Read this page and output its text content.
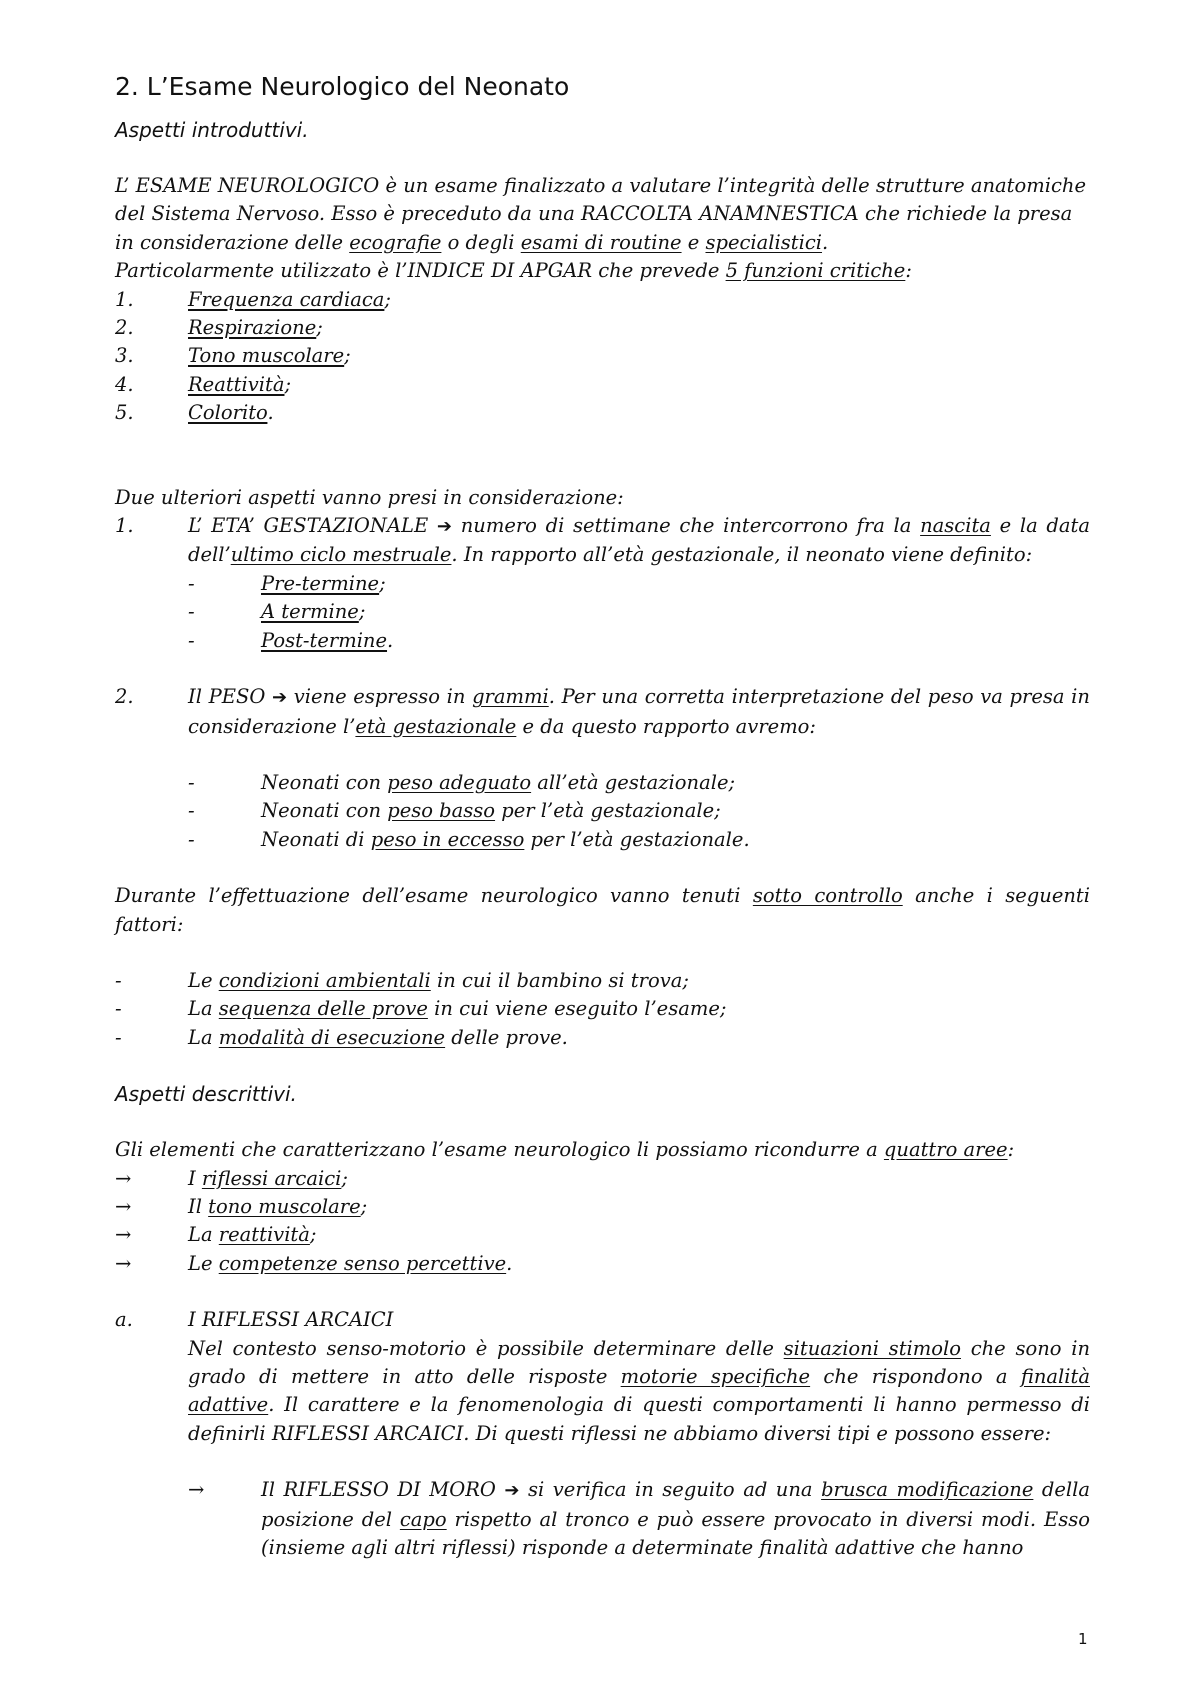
2. L’Esame Neurologico del Neonato

Aspetti introduttivi.

L’ ESAME NEUROLOGICO è un esame finalizzato a valutare l’integrità delle strutture anatomiche del Sistema Nervoso. Esso è preceduto da una RACCOLTA ANAMNESTICA che richiede la presa in considerazione delle ecografie o degli esami di routine e specialistici.

Particolarmente utilizzato è l’INDICE DI APGAR che prevede 5 funzioni critiche:

1.	Frequenza cardiaca;
2.	Respirazione;
3.	Tono muscolare;
4.	Reattività;
5.	Colorito.

Due ulteriori aspetti vanno presi in considerazione:

1.	L’ ETA’ GESTAZIONALE ➔ numero di settimane che intercorrono fra la nascita e la data dell’ultimo ciclo mestruale. In rapporto all’età gestazionale, il neonato viene definito:
-	Pre-termine;
-	A termine;
-	Post-termine.
2.	Il PESO ➔ viene espresso in grammi. Per una corretta interpretazione del peso va presa in considerazione l’età gestazionale e da questo rapporto avremo:
-	Neonati con peso adeguato all’età gestazionale;
-	Neonati con peso basso per l’età gestazionale;
-	Neonati di peso in eccesso per l’età gestazionale.

Durante l’effettuazione dell’esame neurologico vanno tenuti sotto controllo anche i seguenti fattori:

-	Le condizioni ambientali in cui il bambino si trova;
-	La sequenza delle prove in cui viene eseguito l’esame;
-	La modalità di esecuzione delle prove.

Aspetti descrittivi.

Gli elementi che caratterizzano l’esame neurologico li possiamo ricondurre a quattro aree:

→	I riflessi arcaici;
→	Il tono muscolare;
→	La reattività;
→	Le competenze senso percettive.
a.	I RIFLESSI ARCAICI

Nel contesto senso-motorio è possibile determinare delle situazioni stimolo che sono in grado di mettere in atto delle risposte motorie specifiche che rispondono a finalità adattive. Il carattere e la fenomenologia di questi comportamenti li hanno permesso di definirli RIFLESSI ARCAICI. Di questi riflessi ne abbiamo diversi tipi e possono essere:

→	Il RIFLESSO DI MORO ➔ si verifica in seguito ad una brusca modificazione della posizione del capo rispetto al tronco e può essere provocato in diversi modi. Esso (insieme agli altri riflessi) risponde a determinate finalità adattive che hanno
1
